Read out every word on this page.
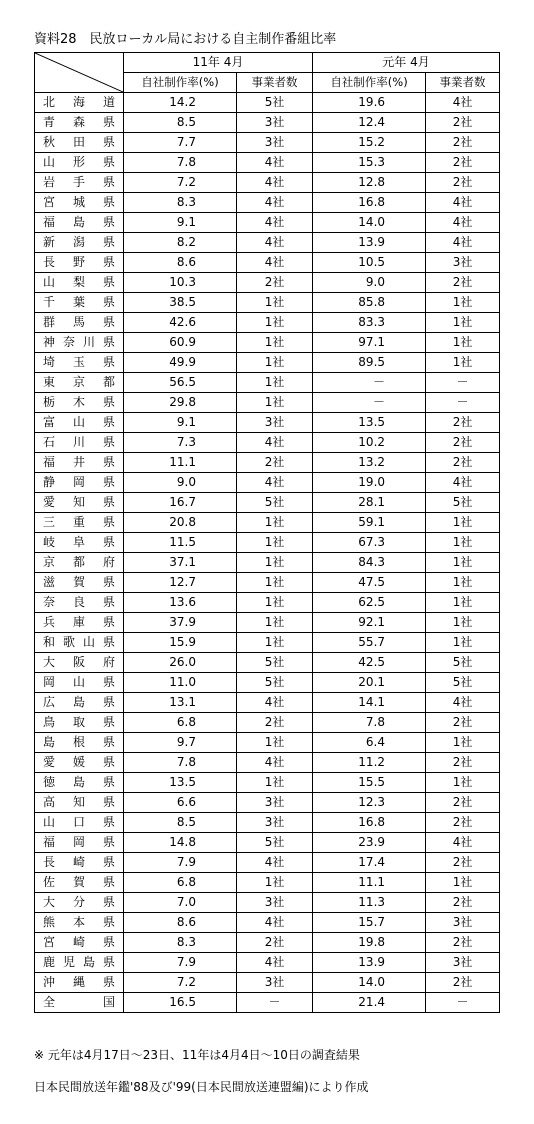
資料28　民放ローカル局における自主制作番組比率
	11年 4月		元年 4月	
	自社制作率(%)	事業者数	自社制作率(%)	事業者数
北海道	14.2	5社	19.6	4社
青森県	8.5	3社	12.4	2社
秋田県	7.7	3社	15.2	2社
山形県	7.8	4社	15.3	2社
岩手県	7.2	4社	12.8	2社
宮城県	8.3	4社	16.8	4社
福島県	9.1	4社	14.0	4社
新潟県	8.2	4社	13.9	4社
長野県	8.6	4社	10.5	3社
山梨県	10.3	2社	9.0	2社
千葉県	38.5	1社	85.8	1社
群馬県	42.6	1社	83.3	1社
神奈川県	60.9	1社	97.1	1社
埼玉県	49.9	1社	89.5	1社
東京都	56.5	1社	－	－
栃木県	29.8	1社	－	－
富山県	9.1	3社	13.5	2社
石川県	7.3	4社	10.2	2社
福井県	11.1	2社	13.2	2社
静岡県	9.0	4社	19.0	4社
愛知県	16.7	5社	28.1	5社
三重県	20.8	1社	59.1	1社
岐阜県	11.5	1社	67.3	1社
京都府	37.1	1社	84.3	1社
滋賀県	12.7	1社	47.5	1社
奈良県	13.6	1社	62.5	1社
兵庫県	37.9	1社	92.1	1社
和歌山県	15.9	1社	55.7	1社
大阪府	26.0	5社	42.5	5社
岡山県	11.0	5社	20.1	5社
広島県	13.1	4社	14.1	4社
鳥取県	6.8	2社	7.8	2社
島根県	9.7	1社	6.4	1社
愛媛県	7.8	4社	11.2	2社
徳島県	13.5	1社	15.5	1社
高知県	6.6	3社	12.3	2社
山口県	8.5	3社	16.8	2社
福岡県	14.8	5社	23.9	4社
長崎県	7.9	4社	17.4	2社
佐賀県	6.8	1社	11.1	1社
大分県	7.0	3社	11.3	2社
熊本県	8.6	4社	15.7	3社
宮崎県	8.3	2社	19.8	2社
鹿児島県	7.9	4社	13.9	3社
沖縄県	7.2	3社	14.0	2社
全国	16.5	－	21.4	－
※ 元年は4月17日～23日、11年は4月4日～10日の調査結果
日本民間放送年鑑'88及び'99(日本民間放送連盟編)により作成
